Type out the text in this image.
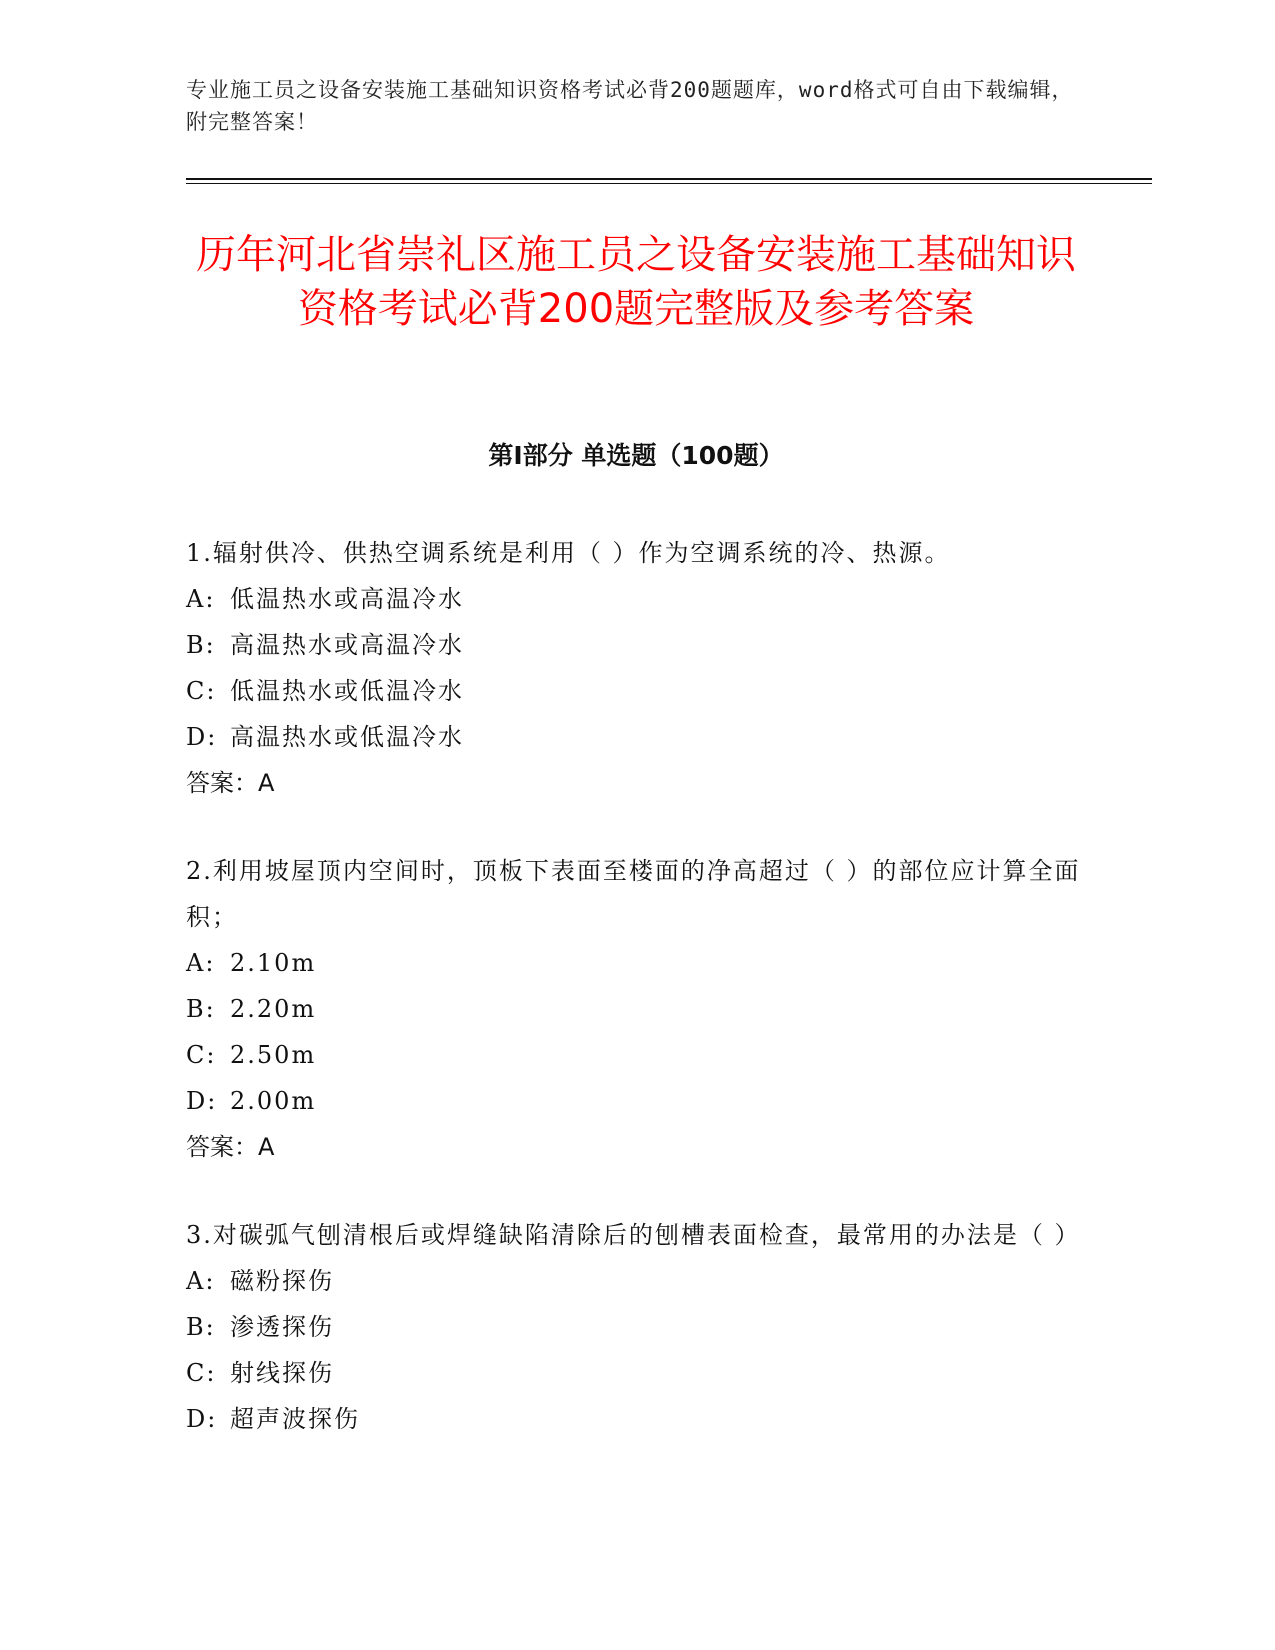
专业施工员之设备安装施工基础知识资格考试必背200题题库，word格式可自由下载编辑，附完整答案！
历年河北省崇礼区施工员之设备安装施工基础知识资格考试必背200题完整版及参考答案
第I部分 单选题（100题）
1.辐射供冷、供热空调系统是利用（ ）作为空调系统的冷、热源。
A: 低温热水或高温冷水
B: 高温热水或高温冷水
C: 低温热水或低温冷水
D: 高温热水或低温冷水
答案：A
2.利用坡屋顶内空间时，顶板下表面至楼面的净高超过（ ）的部位应计算全面积；
A: 2.10m
B: 2.20m
C: 2.50m
D: 2.00m
答案：A
3.对碳弧气刨清根后或焊缝缺陷清除后的刨槽表面检查，最常用的办法是（ ）
A: 磁粉探伤
B: 渗透探伤
C: 射线探伤
D: 超声波探伤
